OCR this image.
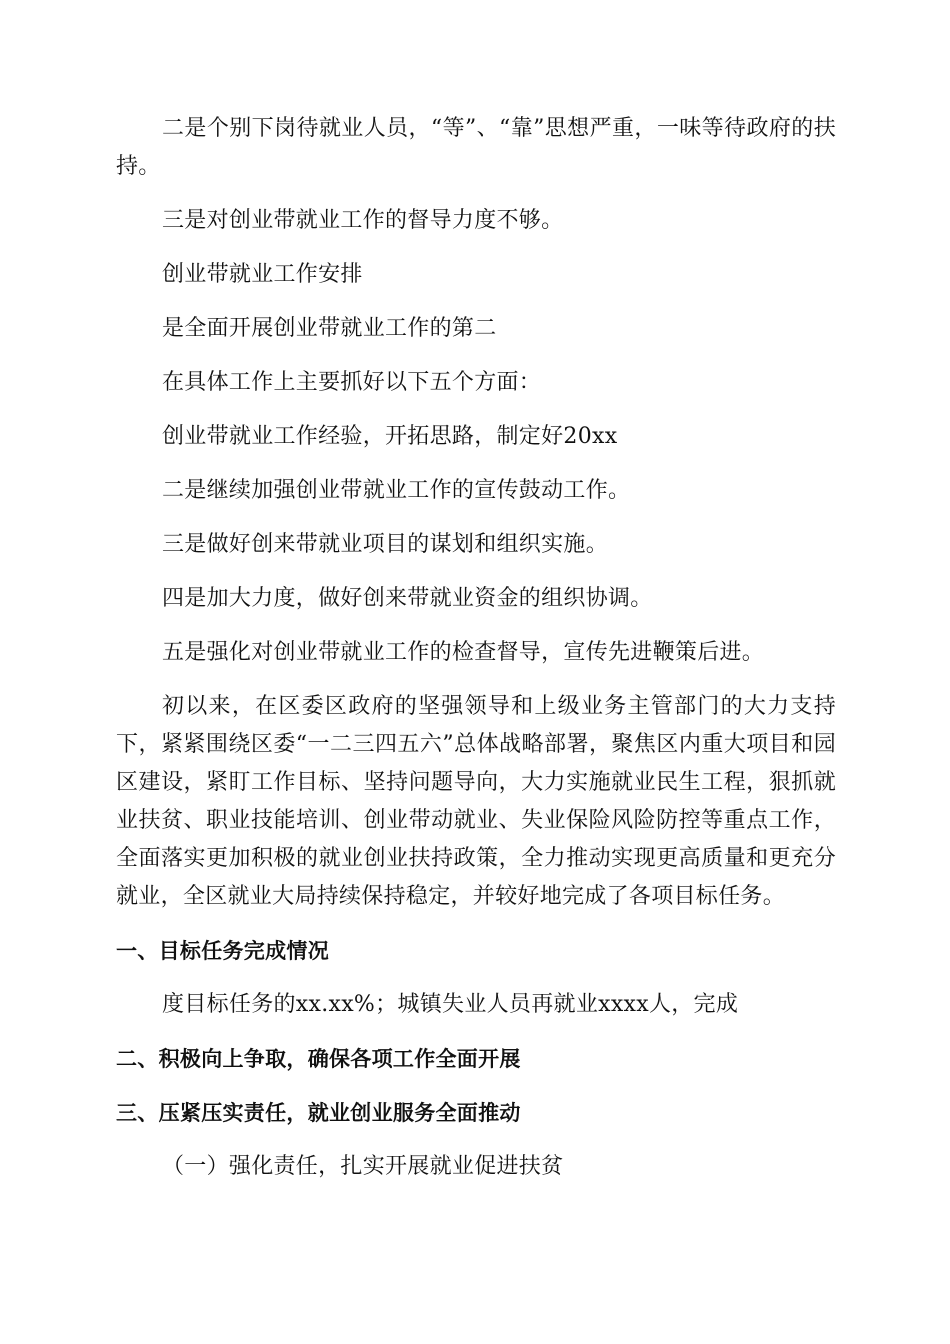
二是个别下岗待就业人员，“等”、“靠”思想严重，一味等待政府的扶持。

三是对创业带就业工作的督导力度不够。

创业带就业工作安排

是全面开展创业带就业工作的第二

在具体工作上主要抓好以下五个方面：

创业带就业工作经验，开拓思路，制定好20xx

二是继续加强创业带就业工作的宣传鼓动工作。

三是做好创来带就业项目的谋划和组织实施。

四是加大力度，做好创来带就业资金的组织协调。

五是强化对创业带就业工作的检查督导，宣传先进鞭策后进。

初以来，在区委区政府的坚强领导和上级业务主管部门的大力支持下，紧紧围绕区委“一二三四五六”总体战略部署，聚焦区内重大项目和园区建设，紧盯工作目标、坚持问题导向，大力实施就业民生工程，狠抓就业扶贫、职业技能培训、创业带动就业、失业保险风险防控等重点工作，全面落实更加积极的就业创业扶持政策，全力推动实现更高质量和更充分就业，全区就业大局持续保持稳定，并较好地完成了各项目标任务。

一、目标任务完成情况

度目标任务的xx.xx%；城镇失业人员再就业xxxx人，完成

二、积极向上争取，确保各项工作全面开展
三、压紧压实责任，就业创业服务全面推动

（一）强化责任，扎实开展就业促进扶贫
